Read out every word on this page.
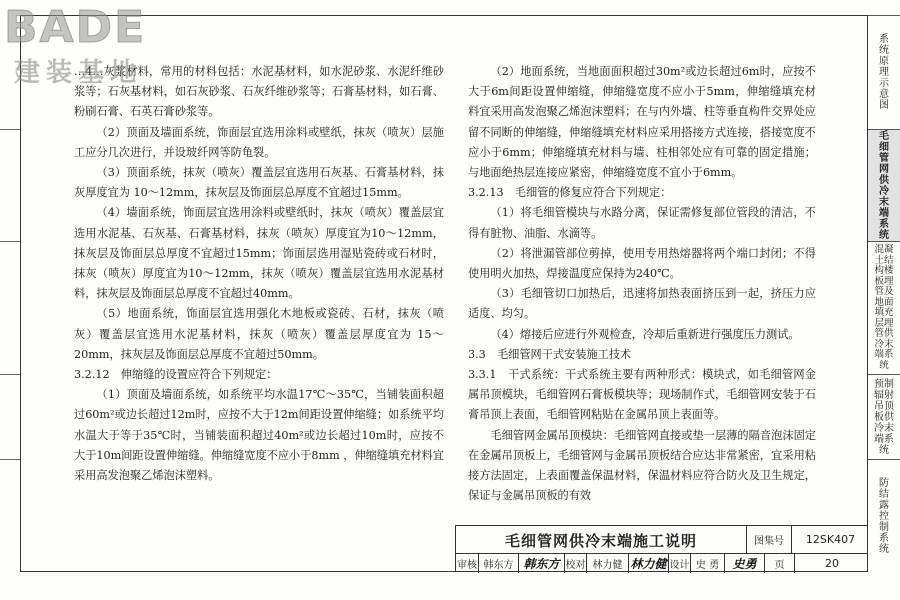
系统原理示意图
毛细管网供冷末端系统
混凝土结构楼板埋管及地面填充层埋管供冷末端系统
预制辐射吊顶板供冷末端系统
防结露控制系统

…4…灰浆材料，常用的材料包括：水泥基材料，如水泥砂浆、水泥纤维砂浆等；石灰基材料，如石灰砂浆、石灰纤维砂浆等；石膏基材料，如石膏、粉刷石膏、石英石膏砂浆等。

（2）顶面及墙面系统，饰面层宜选用涂料或壁纸，抹灰（喷灰）层施工应分几次进行，并设玻纤网等防龟裂。

（3）顶面系统，抹灰（喷灰）覆盖层宜选用石灰基、石膏基材料，抹灰厚度宜为 10～12mm，抹灰层及饰面层总厚度不宜超过15mm。

（4）墙面系统，饰面层宜选用涂料或壁纸时，抹灰（喷灰）覆盖层宜选用水泥基、石灰基、石膏基材料，抹灰（喷灰）厚度宜为10～12mm，抹灰层及饰面层总厚度不宜超过15mm；饰面层选用湿贴瓷砖或石材时，抹灰（喷灰）厚度宜为10～12mm，抹灰（喷灰）覆盖层宜选用水泥基材料，抹灰层及饰面层总厚度不宜超过40mm。

（5）地面系统，饰面层宜选用强化木地板或瓷砖、石材，抹灰（喷灰）覆盖层宜选用水泥基材料，抹灰（喷灰）覆盖层厚度宜为 15～20mm，抹灰层及饰面层总厚度不宜超过50mm。

3.2.12　伸缩缝的设置应符合下列规定：

（1）顶面及墙面系统，如系统平均水温17℃～35℃，当铺装面积超过60m²或边长超过12m时，应按不大于12m间距设置伸缩缝；如系统平均水温大于等于35℃时，当铺装面积超过40m²或边长超过10m时，应按不大于10m间距设置伸缩缝。伸缩缝宽度不应小于8mm ，伸缩缝填充材料宜采用高发泡聚乙烯泡沫塑料。

（2）地面系统，当地面面积超过30m²或边长超过6m时，应按不大于6m间距设置伸缩缝，伸缩缝宽度不应小于5mm，伸缩缝填充材料宜采用高发泡聚乙烯泡沫塑料；在与内外墙、柱等垂直构件交界处应留不同断的伸缩缝，伸缩缝填充材料应采用搭接方式连接，搭接宽度不应小于6mm；伸缩缝填充材料与墙、柱相邻处应有可靠的固定措施；与地面绝热层连接应紧密，伸缩缝宽度不宜小于6mm。

3.2.13　毛细管的修复应符合下列规定：

（1）将毛细管模块与水路分离，保证需修复部位管段的清洁，不得有脏物、油脂、水滴等。

（2）将泄漏管部位剪掉，使用专用热熔器将两个端口封闭；不得使用明火加热，焊接温度应保持为240℃。

（3）毛细管切口加热后，迅速将加热表面挤压到一起，挤压力应适度、均匀。

（4）熔接后应进行外观检查，冷却后重新进行强度压力测试。

3.3　毛细管网干式安装施工技术

3.3.1　干式系统：干式系统主要有两种形式：模块式，如毛细管网金属吊顶模块，毛细管网石膏板模块等；现场制作式，毛细管网安装于石膏吊顶上表面，毛细管网粘贴在金属吊顶上表面等。

毛细管网金属吊顶模块：毛细管网直接或垫一层薄的隔音泡沫固定在金属吊顶板上，毛细管网与金属吊顶板结合应达非常紧密，宜采用粘接方法固定，上表面覆盖保温材料，保温材料应符合防火及卫生规定，保证与金属吊顶板的有效

毛细管网供冷末端施工说明	图集号	12SK407
审核 韩东方 韩东方 校对 林力健 林力健 设计 史 勇	史勇	页	20
BADE
建装基地
